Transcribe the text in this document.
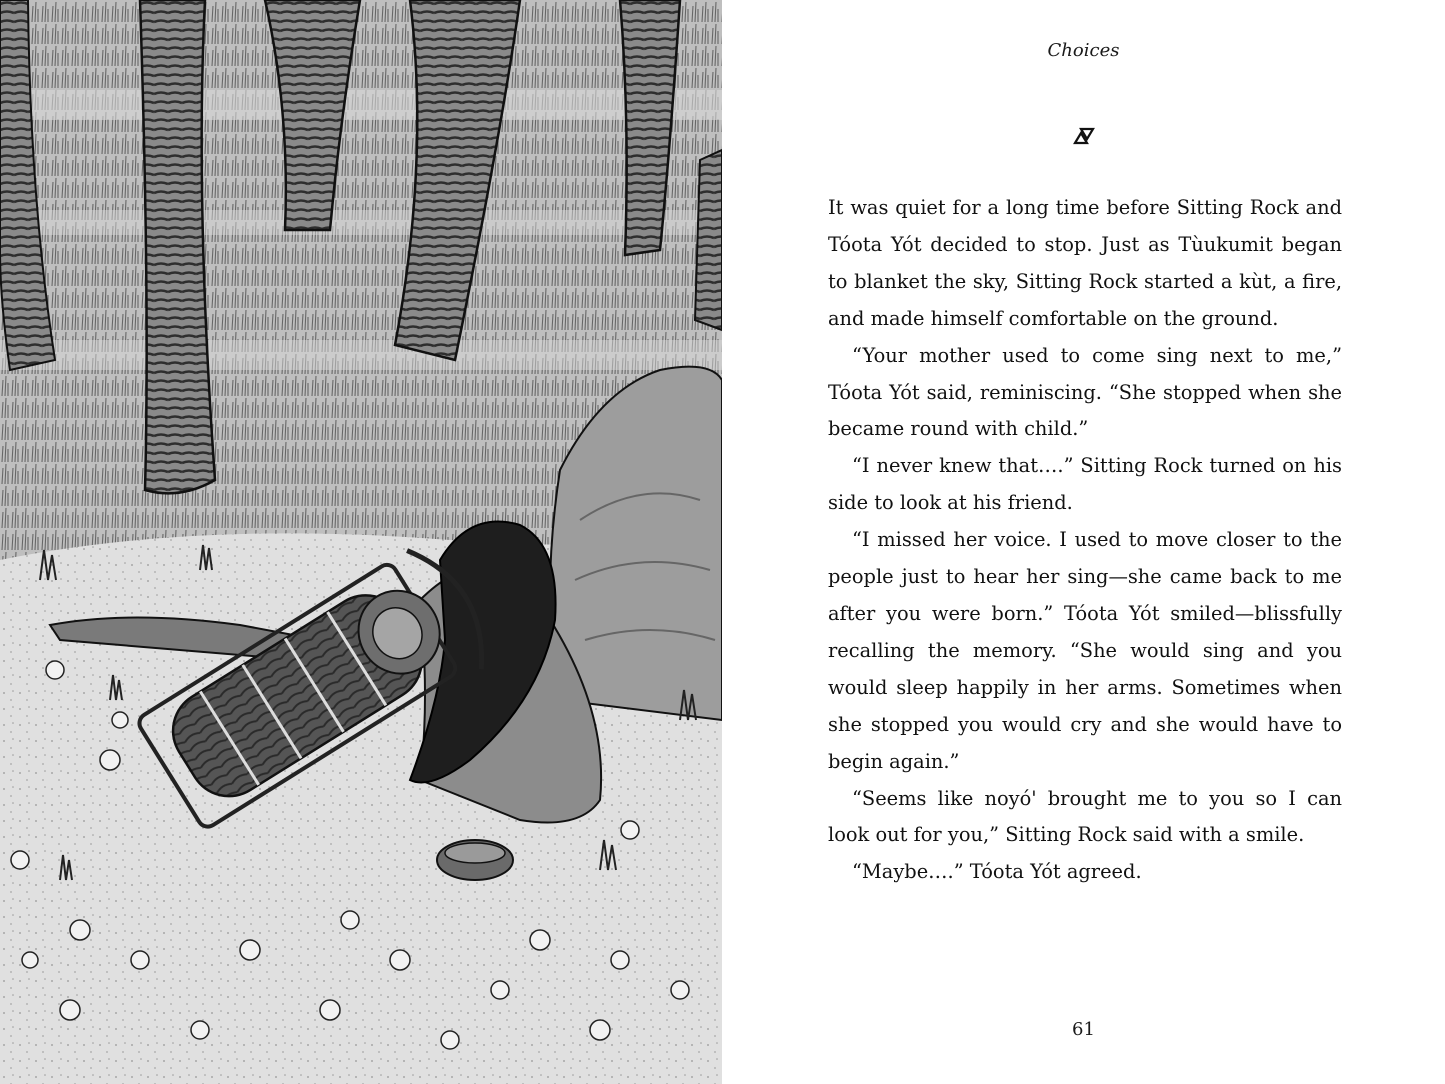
Choices

It was quiet for a long time before Sitting Rock and Tóota Yót decided to stop. Just as Tùukumit began to blanket the sky, Sitting Rock started a kùt, a fire, and made himself comfortable on the ground.

“Your mother used to come sing next to me,” Tóota Yót said, reminiscing. “She stopped when she became round with child.”

“I never knew that….” Sitting Rock turned on his side to look at his friend.

“I missed her voice. I used to move closer to the people just to hear her sing—she came back to me after you were born.” Tóota Yót smiled—blissfully recalling the memory. “She would sing and you would sleep happily in her arms. Sometimes when she stopped you would cry and she would have to begin again.”

“Seems like noyó' brought me to you so I can look out for you,” Sitting Rock said with a smile.

“Maybe….” Tóota Yót agreed.

61
